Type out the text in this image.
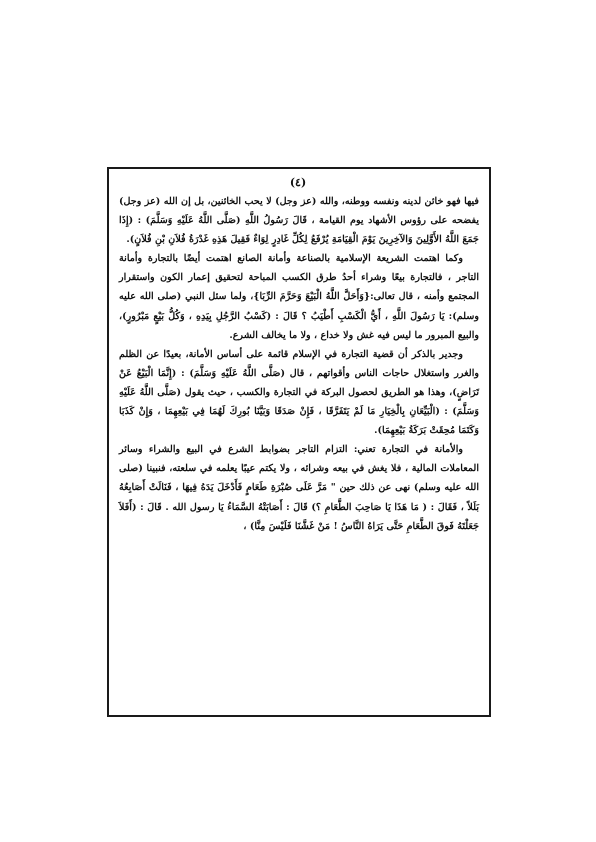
(٤)

فيها فهو خائن لدينه ونفسه ووطنه، والله (عز وجل) لا يحب الخائنين، بل إن الله (عز وجل) يفضحه على رؤوس الأشهاد يوم القيامة ، قَالَ رَسُولُ اللَّهِ (صَلَّى اللَّهُ عَلَيْهِ وَسَلَّمَ) : (إِذَا جَمَعَ اللَّهُ الأَوَّلِينَ وَالآخِرِينَ يَوْمَ الْقِيَامَةِ يُرْفَعُ لِكُلِّ غَادِرٍ لِوَاءٌ فَقِيلَ هَذِهِ غَدْرَةُ فُلاَنِ بْنِ فُلاَنٍ).

وكما اهتمت الشريعة الإسلامية بالصناعة وأمانة الصانع اهتمت أيضًا بالتجارة وأمانة التاجر ، فالتجارة بيعًا وشراء أحدُ طرق الكسب المباحة لتحقيق إعمار الكون واستقرار المجتمع وأمنه ، قال تعالى:{وَأَحَلَّ اللَّهُ الْبَيْعَ وَحَرَّمَ الرِّبَا}، ولما سئل النبي (صلى الله عليه وسلم): يَا رَسُولَ اللَّهِ ، أَيُّ الْكَسْبِ أَطْيَبُ ؟ قَالَ : (كَسْبُ الرَّجُلِ بِيَدِهِ ، وَكُلُّ بَيْعٍ مَبْرُورٍ)، والبيع المبرور ما ليس فيه غش ولا خداع ، ولا ما يخالف الشرع.

وجدير بالذكر أن قضية التجارة في الإسلام قائمة على أساس الأمانة، بعيدًا عن الظلم والغرر واستغلال حاجات الناس وأقواتهم ، قال (صَلَّى اللَّهُ عَلَيْهِ وَسَلَّمَ) : (إِنَّمَا الْبَيْعُ عَنْ تَرَاضٍ)، وهذا هو الطريق لحصول البركة في التجارة والكسب ، حيث يقول (صَلَّى اللَّهُ عَلَيْهِ وَسَلَّمَ) : (الْبَيِّعَانِ بِالْخِيَارِ مَا لَمْ يَتَفَرَّقَا ، فَإِنْ صَدَقَا وَبَيَّنَا بُورِكَ لَهُمَا فِي بَيْعِهِمَا ، وَإِنْ كَذَبَا وَكَتَمَا مُحِقَتْ بَرَكَةُ بَيْعِهِمَا).

والأمانة في التجارة تعني: التزام التاجر بضوابط الشرع في البيع والشراء وسائر المعاملات المالية ، فلا يغش في بيعه وشرائه ، ولا يكتم عيبًا يعلمه في سلعته، فنبينا (صلى الله عليه وسلم) نهى عن ذلك حين " مَرَّ عَلَى صُبْرَةِ طَعَامٍ فَأَدْخَلَ يَدَهُ فِيهَا ، فَنَالَتْ أَصَابِعُهُ بَلَلاً ، فَقَالَ : ( مَا هَذَا يَا صَاحِبَ الطَّعَامِ ؟) قَالَ : أَصَابَتْهُ السَّمَاءُ يَا رسول الله . قَالَ : (أَفَلاَ جَعَلْتَهُ فَوقَ الطَّعَامِ حَتَّى يَرَاهُ النَّاسُ ! مَنْ غَشَّنَا فَلَيْسَ مِنَّا) ،
